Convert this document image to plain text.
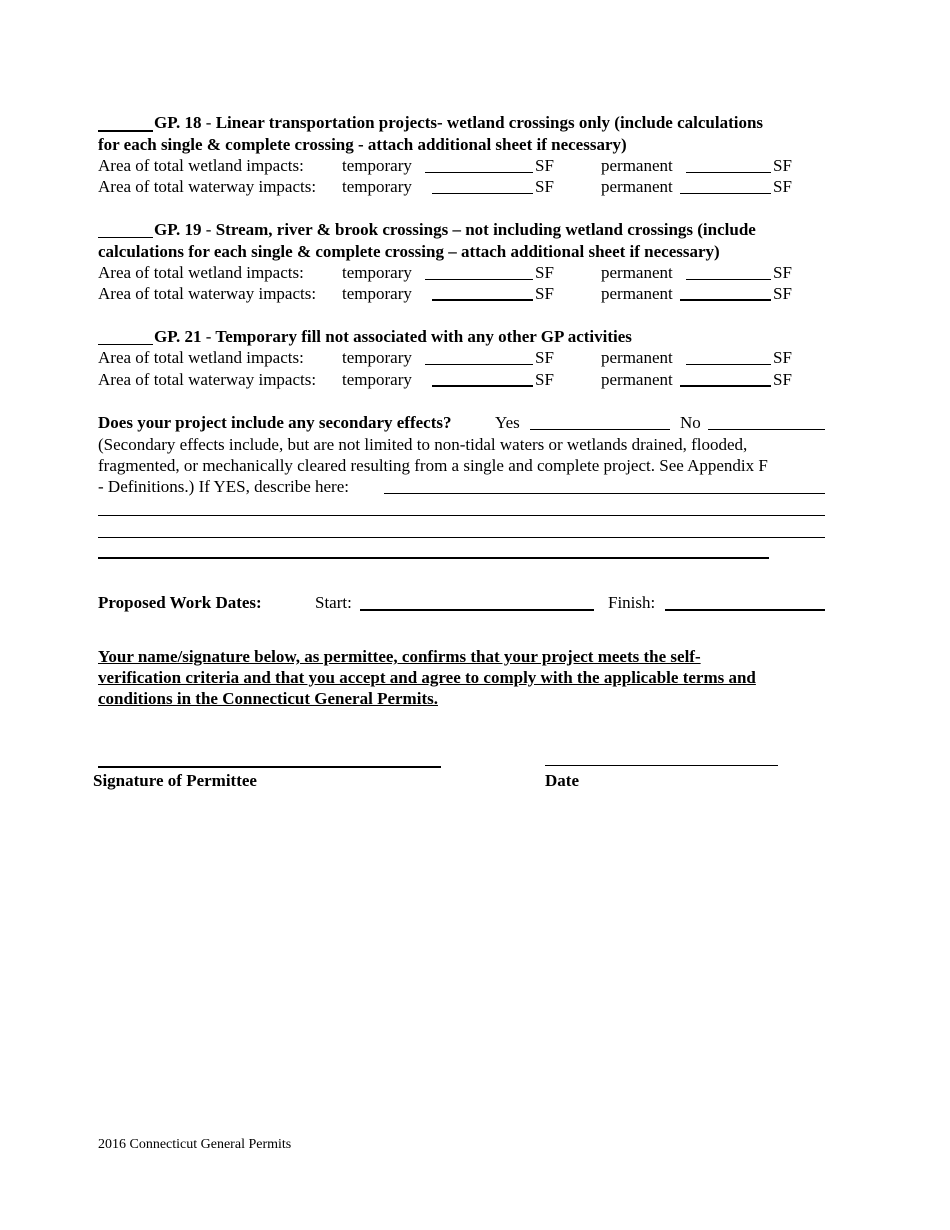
GP. 18 - Linear transportation projects- wetland crossings only (include calculations
for each single & complete crossing - attach additional sheet if necessary)
Area of total wetland impacts: temporary	SF	permanent	SF
Area of total waterway impacts: temporary	SF	permanent	SF
GP. 19 - Stream, river & brook crossings – not including wetland crossings (include
calculations for each single & complete crossing – attach additional sheet if necessary)
Area of total wetland impacts: temporary	SF	permanent	SF
Area of total waterway impacts: temporary	SF	permanent	SF
GP. 21 - Temporary fill not associated with any other GP activities
Area of total wetland impacts: temporary	SF	permanent	SF
Area of total waterway impacts: temporary	SF	permanent	SF
Does your project include any secondary effects?	Yes	No
(Secondary effects include, but are not limited to non-tidal waters or wetlands drained, flooded,
fragmented, or mechanically cleared resulting from a single and complete project. See Appendix F
- Definitions.) If YES, describe here:
Proposed Work Dates:	Start:	Finish:
Your name/signature below, as permittee, confirms that your project meets the self-
verification criteria and that you accept and agree to comply with the applicable terms and
conditions in the Connecticut General Permits.
Signature of Permittee	Date
2016 Connecticut General Permits
